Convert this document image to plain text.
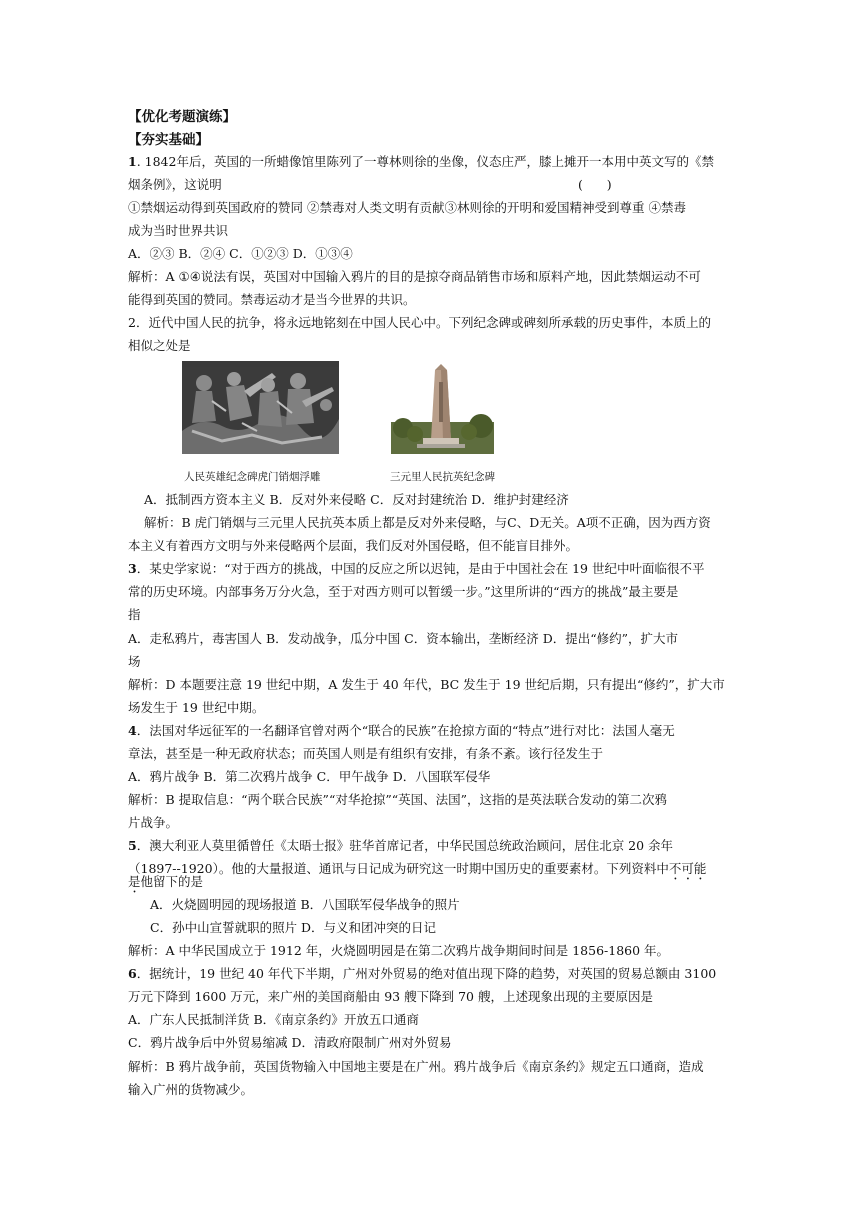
【优化考题演练】
【夯实基础】
1. 1842年后，英国的一所蜡像馆里陈列了一尊林则徐的坐像，仪态庄严，膝上摊开一本用中英文写的《禁
烟条例》，这说明	(      )
①禁烟运动得到英国政府的赞同 ②禁毒对人类文明有贡献③林则徐的开明和爱国精神受到尊重 ④禁毒
成为当时世界共识
A．②③ B．②④ C．①②③ D．①③④
解析：A ①④说法有误，英国对中国输入鸦片的目的是掠夺商品销售市场和原料产地，因此禁烟运动不可
能得到英国的赞同。禁毒运动才是当今世界的共识。
2．近代中国人民的抗争，将永远地铭刻在中国人民心中。下列纪念碑或碑刻所承载的历史事件，本质上的
相似之处是
人民英雄纪念碑虎门销烟浮雕	三元里人民抗英纪念碑
A．抵制西方资本主义 B．反对外来侵略 C．反对封建统治 D．维护封建经济
解析：B 虎门销烟与三元里人民抗英本质上都是反对外来侵略，与C、D无关。A项不正确，因为西方资
本主义有着西方文明与外来侵略两个层面，我们反对外国侵略，但不能盲目排外。
3．某史学家说：“对于西方的挑战，中国的反应之所以迟钝，是由于中国社会在 19 世纪中叶面临很不平
常的历史环境。内部事务万分火急，至于对西方则可以暂缓一步。”这里所讲的“西方的挑战”最主要是
指
A．走私鸦片，毒害国人 B．发动战争，瓜分中国 C．资本输出，垄断经济 D．提出“修约”，扩大市
场
解析：D 本题要注意 19 世纪中期，A 发生于 40 年代，BC 发生于 19 世纪后期，只有提出“修约”，扩大市
场发生于 19 世纪中期。
4．法国对华远征军的一名翻译官曾对两个“联合的民族”在抢掠方面的“特点”进行对比：法国人毫无
章法，甚至是一种无政府状态；而英国人则是有组织有安排，有条不紊。该行径发生于
A．鸦片战争 B．第二次鸦片战争 C．甲午战争 D．八国联军侵华
解析：B 提取信息：“两个联合民族”“对华抢掠”“英国、法国”，这指的是英法联合发动的第二次鸦
片战争。
5．澳大利亚人莫里循曾任《太晤士报》驻华首席记者，中华民国总统政治顾问，居住北京 20 余年
（1897--1920）。他的大量报道、通讯与日记成为研究这一时期中国历史的重要素材。下列资料中不可能
是他留下的是
A．火烧圆明园的现场报道 B．八国联军侵华战争的照片
C．孙中山宣誓就职的照片 D．与义和团冲突的日记
解析：A 中华民国成立于 1912 年，火烧圆明园是在第二次鸦片战争期间时间是 1856-1860 年。
6．据统计，19 世纪 40 年代下半期，广州对外贸易的绝对值出现下降的趋势，对英国的贸易总额由 3100
万元下降到 1600 万元，来广州的美国商船由 93 艘下降到 70 艘，上述现象出现的主要原因是
A．广东人民抵制洋货 B．《南京条约》开放五口通商
C．鸦片战争后中外贸易缩减 D．清政府限制广州对外贸易
解析：B 鸦片战争前，英国货物输入中国地主要是在广州。鸦片战争后《南京条约》规定五口通商，造成
输入广州的货物减少。
